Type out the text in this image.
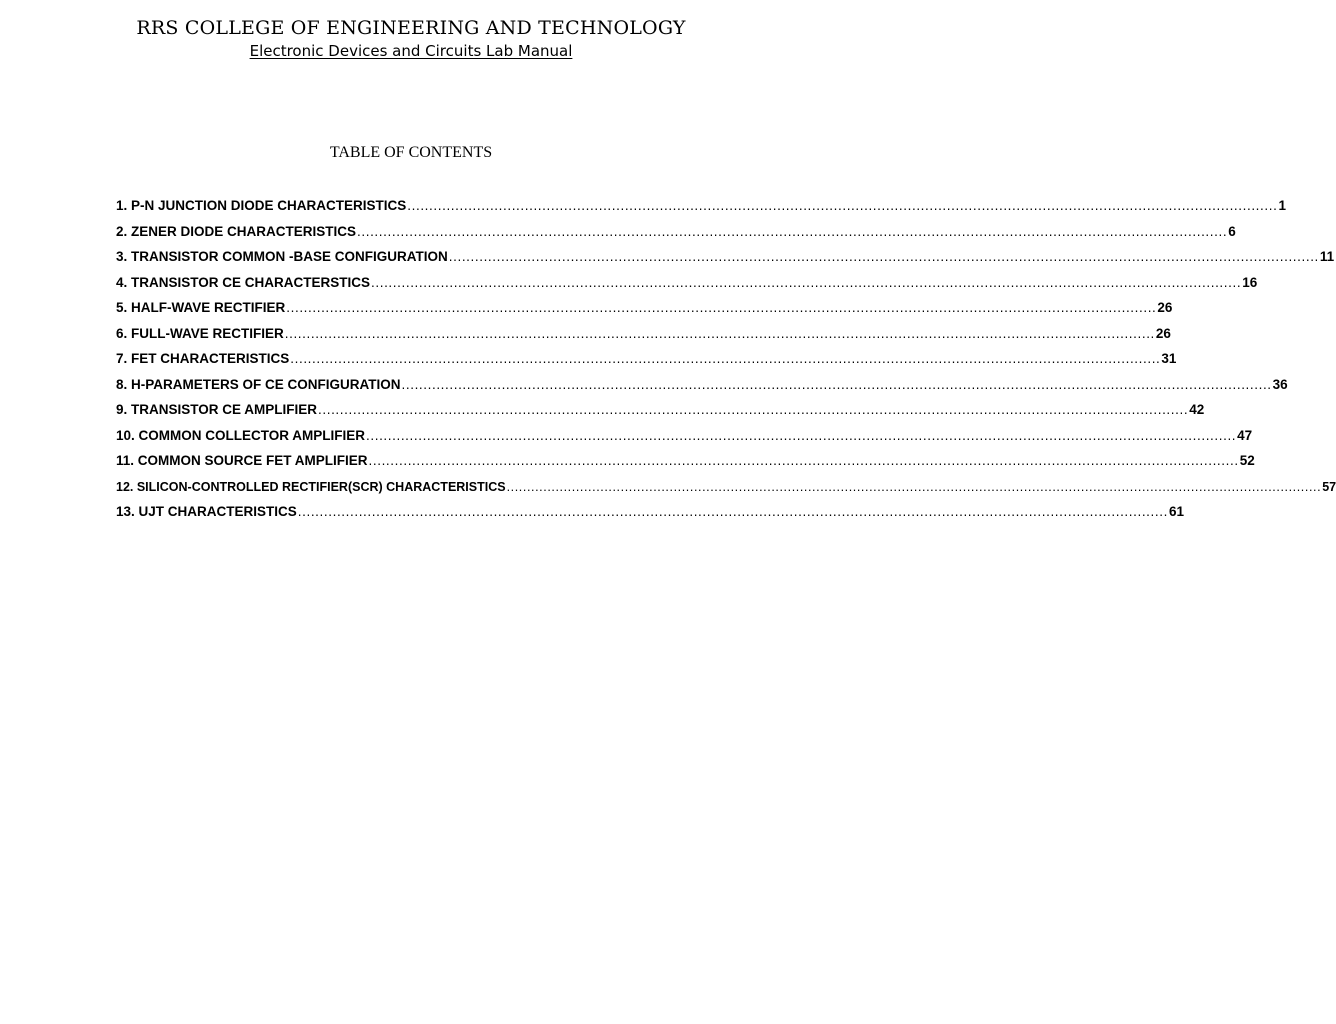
RRS COLLEGE OF ENGINEERING AND TECHNOLOGY
Electronic Devices and Circuits Lab Manual
TABLE OF CONTENTS
1. P-N JUNCTION DIODE CHARACTERISTICS ........................................................................................................................................................................................................ 1
2. ZENER DIODE CHARACTERISTICS ........................................................................................................................................................................................................ 6
3. TRANSISTOR COMMON -BASE CONFIGURATION ........................................................................................................................................................................................................ 11
4. TRANSISTOR CE CHARACTERSTICS ........................................................................................................................................................................................................ 16
5. HALF-WAVE RECTIFIER ........................................................................................................................................................................................................ 26
6. FULL-WAVE RECTIFIER ........................................................................................................................................................................................................ 26
7. FET CHARACTERISTICS ........................................................................................................................................................................................................ 31
8. H-PARAMETERS OF CE CONFIGURATION ........................................................................................................................................................................................................ 36
9. TRANSISTOR CE AMPLIFIER ........................................................................................................................................................................................................ 42
10. COMMON COLLECTOR AMPLIFIER ........................................................................................................................................................................................................ 47
11. COMMON SOURCE FET AMPLIFIER ........................................................................................................................................................................................................ 52
12. SILICON-CONTROLLED RECTIFIER(SCR) CHARACTERISTICS ........................................................................................................................................................................................................ 57
13. UJT CHARACTERISTICS ........................................................................................................................................................................................................ 61
